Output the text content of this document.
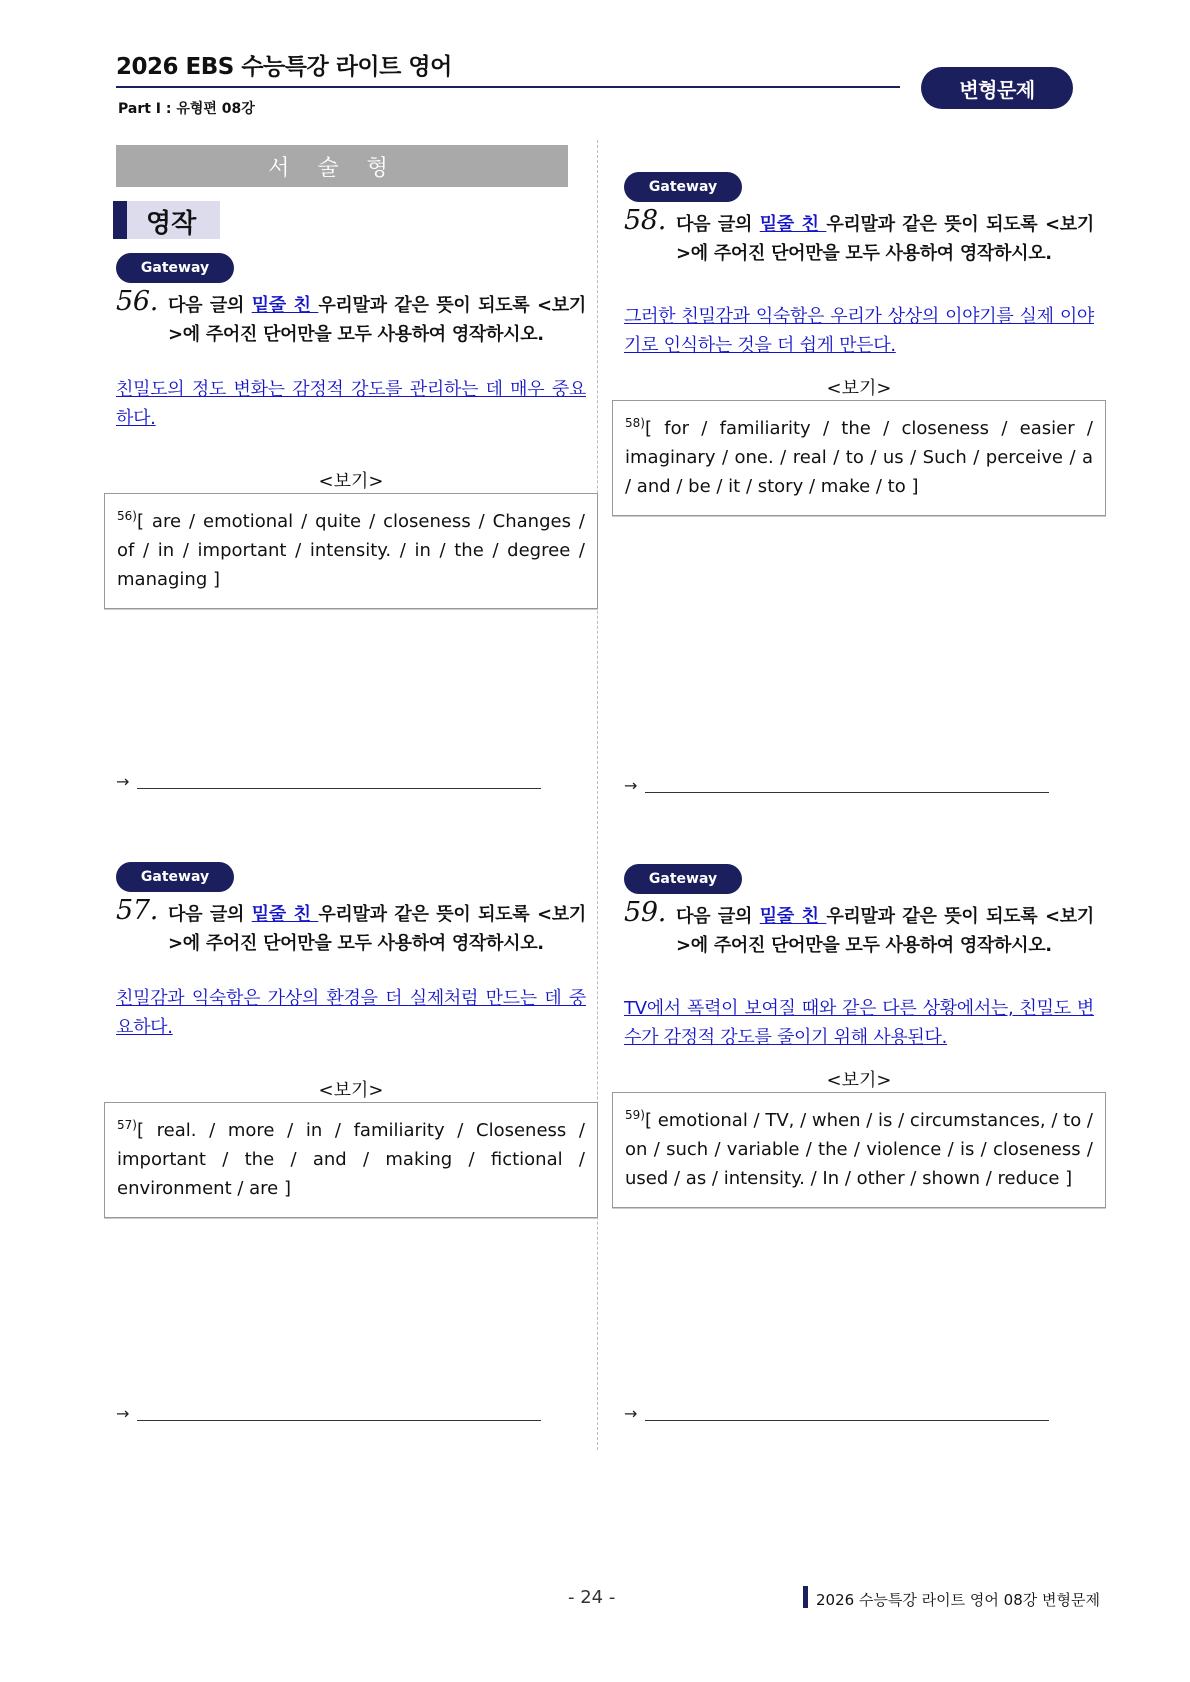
2026 EBS 수능특강 라이트 영어
Part Ⅰ : 유형편 08강
변형문제
서술형
영작
Gateway
56. 다음 글의 밑줄 친 우리말과 같은 뜻이 되도록 <보기>에 주어진 단어만을 모두 사용하여 영작하시오.
친밀도의 정도 변화는 감정적 강도를 관리하는 데 매우 중요하다.
<보기>
$^{56)}$[ are / emotional / quite / closeness / Changes / of / in / important / intensity. / in / the / degree / managing ]
→
Gateway
57. 다음 글의 밑줄 친 우리말과 같은 뜻이 되도록 <보기>에 주어진 단어만을 모두 사용하여 영작하시오.
친밀감과 익숙함은 가상의 환경을 더 실제처럼 만드는 데 중요하다.
<보기>
$^{57)}$[ real. / more / in / familiarity / Closeness / important / the / and / making / fictional / environment / are ]
→
Gateway
58. 다음 글의 밑줄 친 우리말과 같은 뜻이 되도록 <보기>에 주어진 단어만을 모두 사용하여 영작하시오.
그러한 친밀감과 익숙함은 우리가 상상의 이야기를 실제 이야기로 인식하는 것을 더 쉽게 만든다.
<보기>
$^{58)}$[ for / familiarity / the / closeness / easier / imaginary / one. / real / to / us / Such / perceive / a / and / be / it / story / make / to ]
→
Gateway
59. 다음 글의 밑줄 친 우리말과 같은 뜻이 되도록 <보기>에 주어진 단어만을 모두 사용하여 영작하시오.
TV에서 폭력이 보여질 때와 같은 다른 상황에서는, 친밀도 변수가 감정적 강도를 줄이기 위해 사용된다.
<보기>
$^{59)}$[ emotional / TV, / when / is / circumstances, / to / on / such / variable / the / violence / is / closeness / used / as / intensity. / In / other / shown / reduce ]
→
- 24 -	2026 수능특강 라이트 영어 08강 변형문제
